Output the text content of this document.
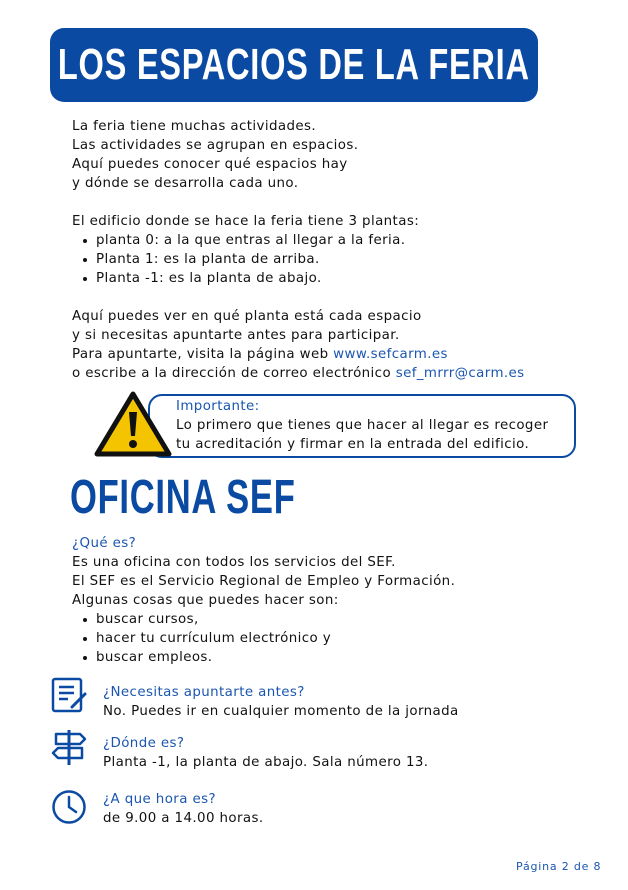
LOS ESPACIOS DE LA FERIA
La feria tiene muchas actividades.
Las actividades se agrupan en espacios.
Aquí puedes conocer qué espacios hay
y dónde se desarrolla cada uno.
El edificio donde se hace la feria tiene 3 plantas:
planta 0: a la que entras al llegar a la feria.
Planta 1: es la planta de arriba.
Planta -1: es la planta de abajo.
Aquí puedes ver en qué planta está cada espacio
y si necesitas apuntarte antes para participar.
Para apuntarte, visita la página web www.sefcarm.es
o escribe a la dirección de correo electrónico sef_mrrr@carm.es
Importante:
Lo primero que tienes que hacer al llegar es recoger
tu acreditación y firmar en la entrada del edificio.
OFICINA SEF
¿Qué es?
Es una oficina con todos los servicios del SEF.
El SEF es el Servicio Regional de Empleo y Formación.
Algunas cosas que puedes hacer son:
buscar cursos,
hacer tu currículum electrónico y
buscar empleos.
¿Necesitas apuntarte antes?
No. Puedes ir en cualquier momento de la jornada
¿Dónde es?
Planta -1, la planta de abajo. Sala número 13.
¿A que hora es?
de 9.00 a 14.00 horas.
Página 2 de 8
